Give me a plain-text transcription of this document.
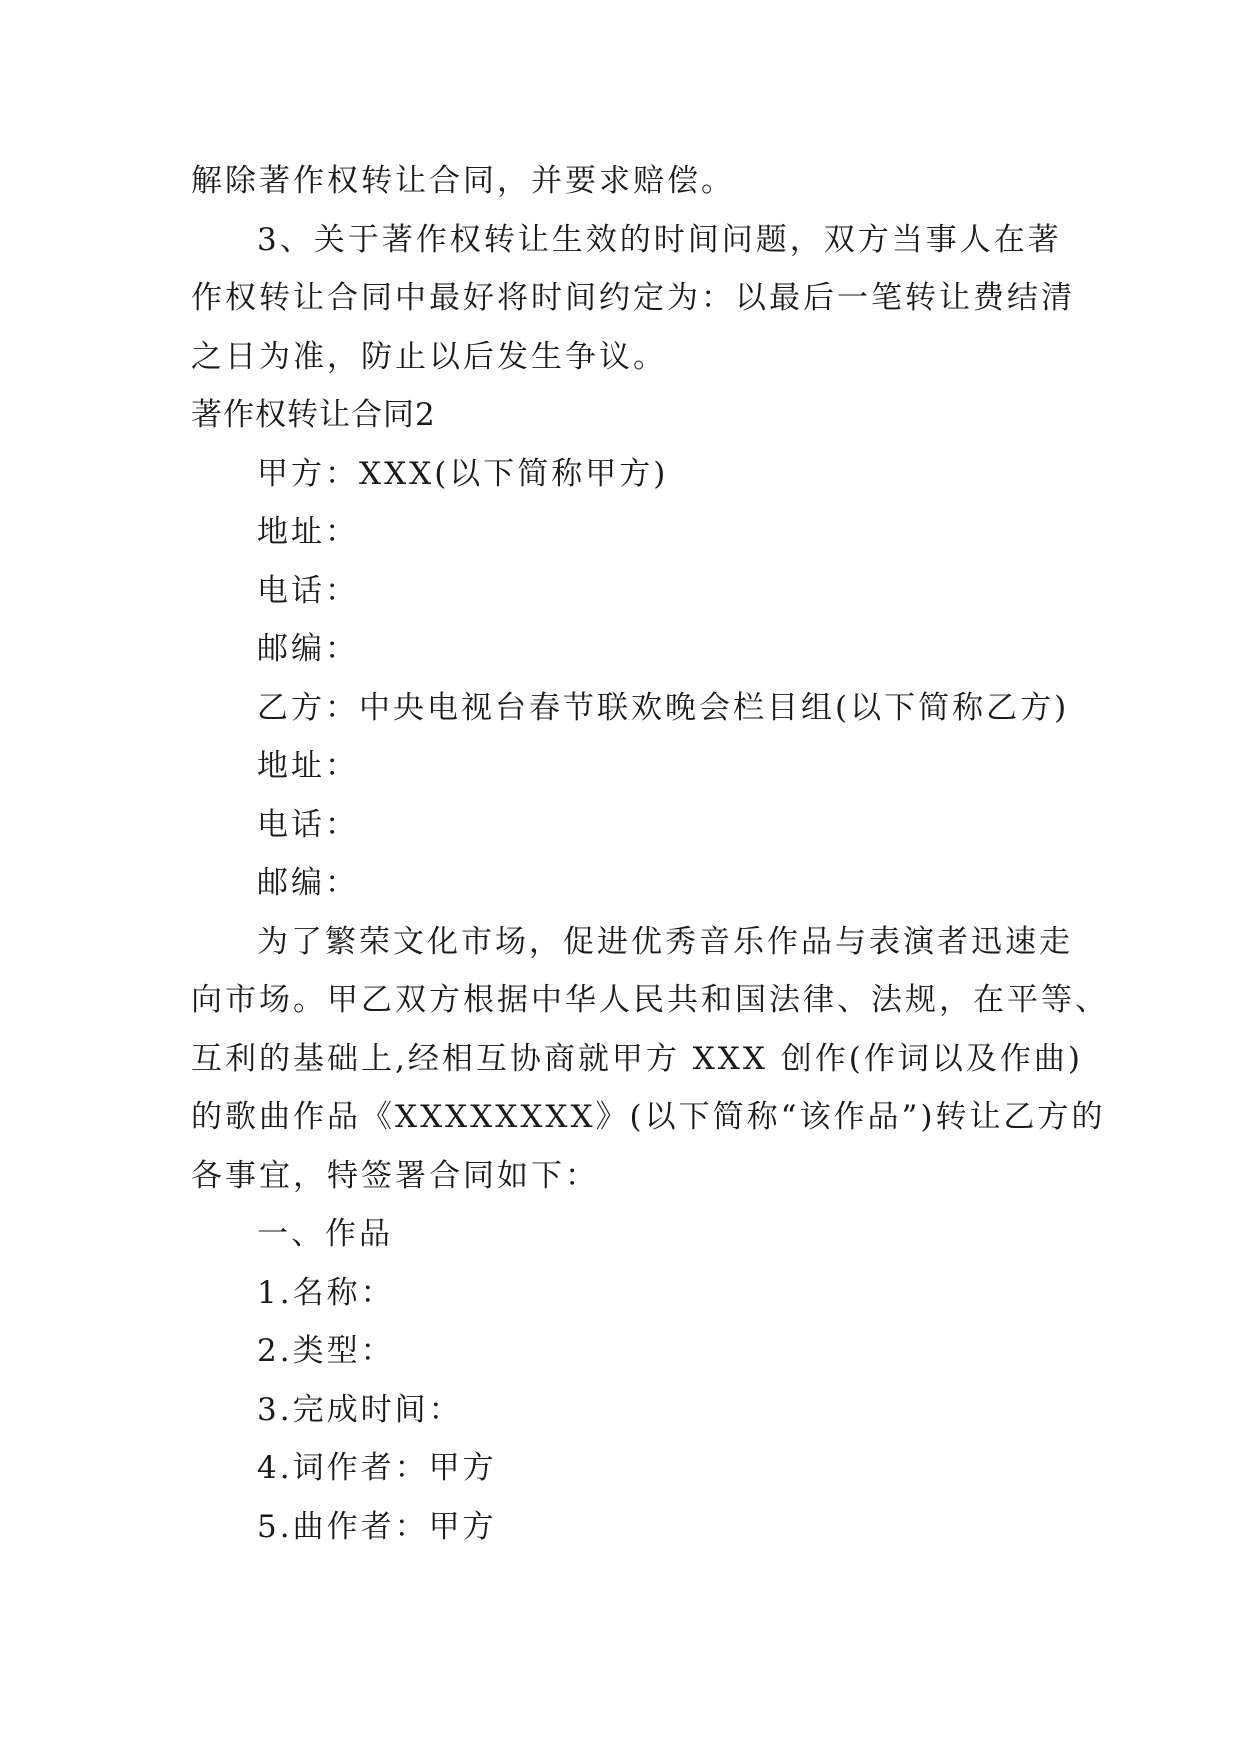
解除著作权转让合同，并要求赔偿。
3、关于著作权转让生效的时间问题，双方当事人在著
作权转让合同中最好将时间约定为：以最后一笔转让费结清
之日为准，防止以后发生争议。
著作权转让合同2
甲方：XXX(以下简称甲方)
地址：
电话：
邮编：
乙方：中央电视台春节联欢晚会栏目组(以下简称乙方)
地址：
电话：
邮编：
为了繁荣文化市场，促进优秀音乐作品与表演者迅速走
向市场。甲乙双方根据中华人民共和国法律、法规，在平等、
互利的基础上,经相互协商就甲方 XXX 创作(作词以及作曲)
的歌曲作品《XXXXXXXX》(以下简称“该作品”)转让乙方的
各事宜，特签署合同如下：
一、作品
1.名称：
2.类型：
3.完成时间：
4.词作者：甲方
5.曲作者：甲方
